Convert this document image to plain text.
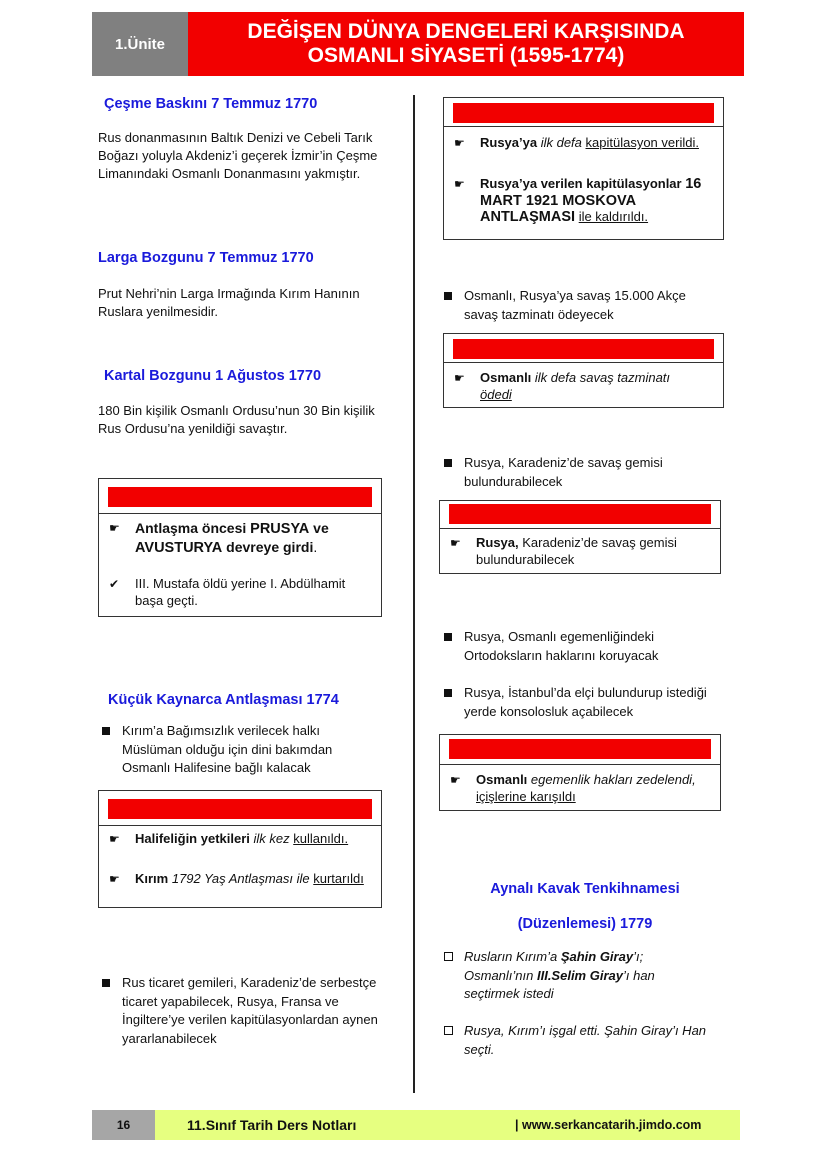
1.Ünite
DEĞİŞEN DÜNYA DENGELERİ KARŞISINDA
OSMANLI SİYASETİ (1595-1774)
Çeşme Baskını 7 Temmuz 1770
Rus donanmasının Baltık Denizi ve Cebeli Tarık Boğazı yoluyla Akdeniz’i geçerek İzmir’in Çeşme Limanındaki Osmanlı Donanmasını yakmıştır.
Larga Bozgunu 7 Temmuz 1770
Prut Nehri’nin Larga Irmağında Kırım Hanının Ruslara yenilmesidir.
Kartal Bozgunu 1 Ağustos 1770
180 Bin kişilik Osmanlı Ordusu’nun 30 Bin kişilik Rus Ordusu’na yenildiği savaştır.
☛ Antlaşma öncesi PRUSYA ve AVUSTURYA devreye girdi.
✔ III. Mustafa öldü yerine I. Abdülhamit başa geçti.
Küçük Kaynarca Antlaşması 1774
Kırım’a Bağımsızlık verilecek halkı Müslüman olduğu için dini bakımdan Osmanlı Halifesine bağlı kalacak
☛ Halifeliğin yetkileri ilk kez kullanıldı.
☛ Kırım 1792 Yaş Antlaşması ile kurtarıldı
Rus ticaret gemileri, Karadeniz’de serbestçe ticaret yapabilecek, Rusya, Fransa ve İngiltere’ye verilen kapitülasyonlardan aynen yararlanabilecek
☛ Rusya’ya ilk defa kapitülasyon verildi.
☛ Rusya’ya verilen kapitülasyonlar 16 MART 1921 MOSKOVA ANTLAŞMASI ile kaldırıldı.
Osmanlı, Rusya’ya savaş 15.000 Akçe savaş tazminatı ödeyecek
☛ Osmanlı ilk defa savaş tazminatı ödedi
Rusya, Karadeniz’de savaş gemisi bulundurabilecek
☛ Rusya, Karadeniz’de savaş gemisi bulundurabilecek
Rusya, Osmanlı egemenliğindeki Ortodoksların haklarını koruyacak
Rusya, İstanbul’da elçi bulundurup istediği yerde konsolosluk açabilecek
☛ Osmanlı egemenlik hakları zedelendi, içişlerine karışıldı
Aynalı Kavak Tenkihnamesi
(Düzenlemesi) 1779
Rusların Kırım’a Şahin Giray’ı; Osmanlı’nın III.Selim Giray’ı han seçtirmek istedi
Rusya, Kırım’ı işgal etti. Şahin Giray’ı Han seçti.
16	11.Sınıf Tarih Ders Notları	| www.serkancatarih.jimdo.com
